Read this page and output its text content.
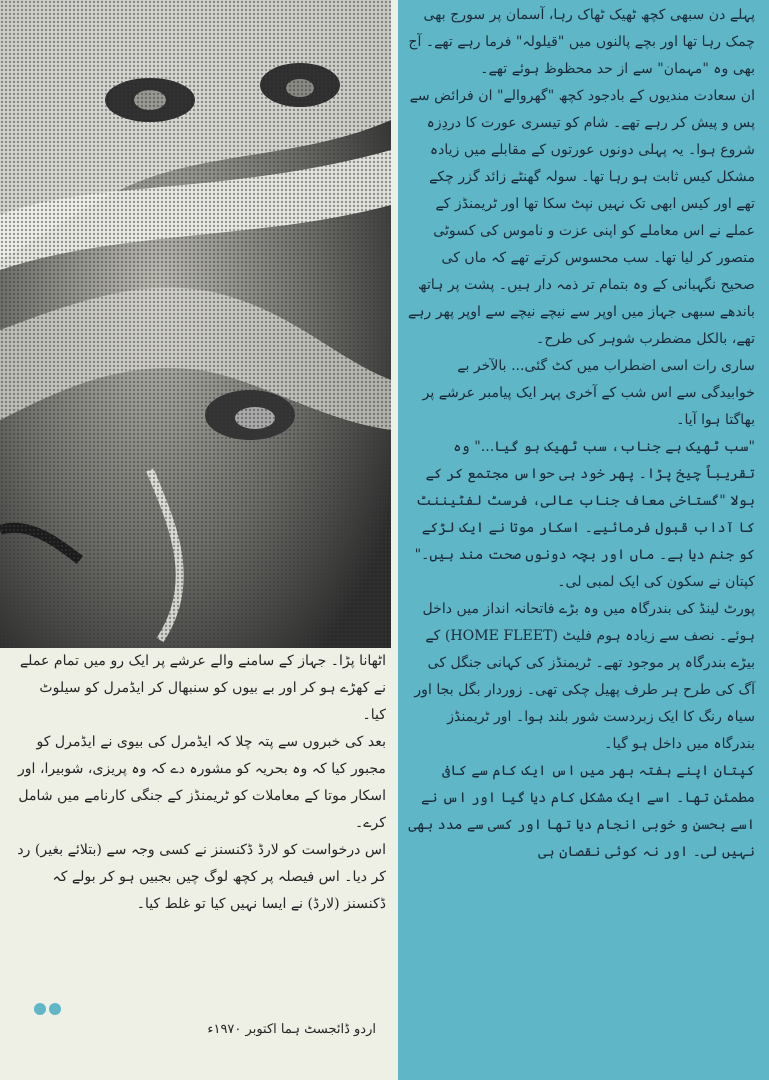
پہلے دن سبھی کچھ ٹھیک ٹھاک رہا، آسمان پر سورج بھی چمک رہا تھا اور بچے پالنوں میں "قیلولہ" فرما رہے تھے۔ آج بھی وہ "مہمان" سے از حد محظوظ ہوئے تھے۔

ان سعادت مندیوں کے بادجود کچھ "گھروالے" ان فرائض سے پس و پیش کر رہے تھے۔ شام کو تیسری عورت کا دردِزہ شروع ہوا۔ یہ پہلی دونوں عورتوں کے مقابلے میں زیادہ مشکل کیس ثابت ہو رہا تھا۔ سولہ گھنٹے زائد گزر چکے تھے اور کیس ابھی تک نہیں نپٹ سکا تھا اور ٹریمنڈز کے عملے نے اس معاملے کو اپنی عزت و ناموس کی کسوٹی متصور کر لیا تھا۔ سب محسوس کرتے تھے کہ ماں کی صحیح نگہبانی کے وہ بتمام تر ذمہ دار ہیں۔ پشت پر ہاتھ باندھے سبھی جہاز میں اوپر سے نیچے نیچے سے اوپر پھر رہے تھے، بالکل مضطرب شوہر کی طرح۔

ساری رات اسی اضطراب میں کٹ گئی... بالآخر بے خوابیدگی سے اس شب کے آخری پہر ایک پیامبر عرشے پر بھاگتا ہوا آیا۔

"سب ٹھیک ہے جناب، سب ٹھیک ہو گیا..." وہ تقریباً چیخ پڑا۔ پھر خود ہی حواس مجتمع کر کے بولا "گستاخی معاف جناب عالی، فرسٹ لفٹیننٹ کا آداب قبول فرمائیے۔ اسکار موتا نے ایک لڑکے کو جنم دیا ہے۔ ماں اور بچہ دونوں صحت مند ہیں۔"

کپتان نے سکون کی ایک لمبی لی۔

پورٹ لینڈ کی بندرگاہ میں وہ بڑے فاتحانہ انداز میں داخل ہوئے۔ نصف سے زیادہ ہوم فلیٹ (HOME FLEET) کے بیڑے بندرگاہ پر موجود تھے۔ ٹریمنڈز کی کہانی جنگل کی آگ کی طرح ہر طرف پھیل چکی تھی۔ زوردار بگل بجا اور سیاہ رنگ کا ایک زبردست شور بلند ہوا۔ اور ٹریمنڈز بندرگاہ میں داخل ہو گیا۔

کپتان اپنے ہفتہ بھر میں اس ایک کام سے کافی مطمئن تھا۔ اسے ایک مشکل کام دیا گیا اور اس نے اسے بحسن و خوبی انجام دیا تھا اور کسی سے مدد بھی نہیں لی۔ اور نہ کوئی نقصان ہی

اٹھانا پڑا۔ جہاز کے سامنے والے عرشے پر ایک رو میں تمام عملے نے کھڑے ہو کر اور بے بیوں کو سنبھال کر ایڈمرل کو سیلوٹ کیا۔

بعد کی خبروں سے پتہ چلا کہ ایڈمرل کی بیوی نے ایڈمرل کو مجبور کیا کہ وہ بحریہ کو مشورہ دے کہ وہ پریزی، شوبیرا، اور اسکار موتا کے معاملات کو ٹریمنڈز کے جنگی کارنامے میں شامل کرے۔

اس درخواست کو لارڈ ڈکنسنز نے کسی وجہ سے (بتلائے بغیر) رد کر دیا۔ اس فیصلہ پر کچھ لوگ چیں بجبیں ہو کر بولے کہ ڈکنسنز (لارڈ) نے ایسا نہیں کیا تو غلط کیا۔

اردو ڈائجسٹ ہما اکتوبر ۱۹۷۰ء
